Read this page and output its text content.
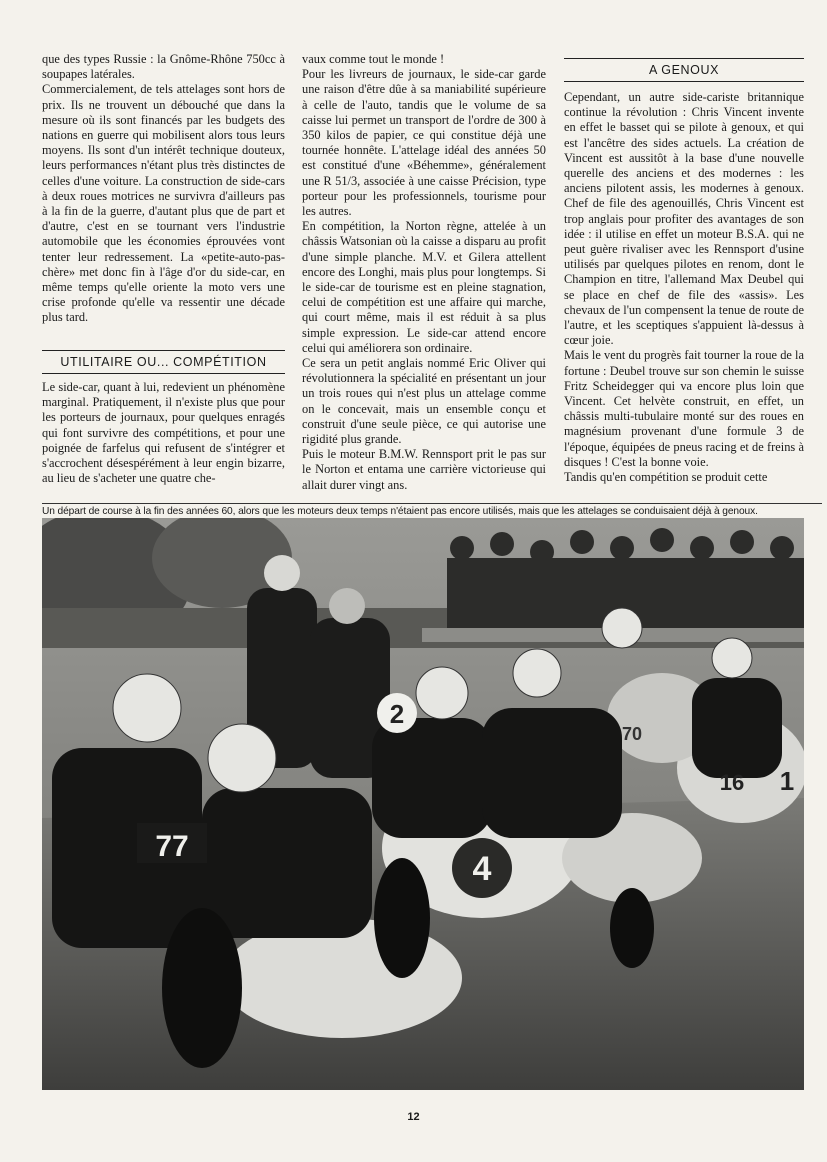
que des types Russie : la Gnôme-Rhône 750cc à soupapes latérales.

Commercialement, de tels attelages sont hors de prix. Ils ne trouvent un débouché que dans la mesure où ils sont financés par les budgets des nations en guerre qui mobilisent alors tous leurs moyens. Ils sont d'un intérêt technique douteux, leurs performances n'étant plus très distinctes de celles d'une voiture. La construction de side-cars à deux roues motrices ne survivra d'ailleurs pas à la fin de la guerre, d'autant plus que de part et d'autre, c'est en se tournant vers l'industrie automobile que les économies éprouvées vont tenter leur redressement. La «petite-auto-pas-chère» met donc fin à l'âge d'or du side-car, en même temps qu'elle oriente la moto vers une crise profonde qu'elle va ressentir une décade plus tard.

UTILITAIRE OU... COMPÉTITION

Le side-car, quant à lui, redevient un phénomène marginal. Pratiquement, il n'existe plus que pour les porteurs de journaux, pour quelques enragés qui font survivre des compétitions, et pour une poignée de farfelus qui refusent de s'intégrer et s'accrochent désespérément à leur engin bizarre, au lieu de s'acheter une quatre che-

vaux comme tout le monde !

Pour les livreurs de journaux, le side-car garde une raison d'être dûe à sa maniabilité supérieure à celle de l'auto, tandis que le volume de sa caisse lui permet un transport de l'ordre de 300 à 350 kilos de papier, ce qui constitue déjà une tournée honnête. L'attelage idéal des années 50 est constitué d'une «Béhemme», généralement une R 51/3, associée à une caisse Précision, type porteur pour les professionnels, tourisme pour les autres.

En compétition, la Norton règne, attelée à un châssis Watsonian où la caisse a disparu au profit d'une simple planche. M.V. et Gilera attellent encore des Longhi, mais plus pour longtemps. Si le side-car de tourisme est en pleine stagnation, celui de compétition est une affaire qui marche, qui court même, mais il est réduit à sa plus simple expression. Le side-car attend encore celui qui améliorera son ordinaire.

Ce sera un petit anglais nommé Eric Oliver qui révolutionnera la spécialité en présentant un jour un trois roues qui n'est plus un attelage comme on le concevait, mais un ensemble conçu et construit d'une seule pièce, ce qui autorise une rigidité plus grande.

Puis le moteur B.M.W. Rennsport prit le pas sur le Norton et entama une carrière victorieuse qui allait durer vingt ans.

A GENOUX

Cependant, un autre side-cariste britannique continue la révolution : Chris Vincent invente en effet le basset qui se pilote à genoux, et qui est l'ancêtre des sides actuels. La création de Vincent est aussitôt à la base d'une nouvelle querelle des anciens et des modernes : les anciens pilotent assis, les modernes à genoux. Chef de file des agenouillés, Chris Vincent est trop anglais pour profiter des avantages de son idée : il utilise en effet un moteur B.S.A. qui ne peut guère rivaliser avec les Rennsport d'usine utilisés par quelques pilotes en renom, dont le Champion en titre, l'allemand Max Deubel qui se place en chef de file des «assis». Les chevaux de l'un compensent la tenue de route de l'autre, et les sceptiques s'appuient là-dessus à cœur joie.

Mais le vent du progrès fait tourner la roue de la fortune : Deubel trouve sur son chemin le suisse Fritz Scheidegger qui va encore plus loin que Vincent. Cet helvète construit, en effet, un châssis multi-tubulaire monté sur des roues en magnésium provenant d'une formule 3 de l'époque, équipées de pneus racing et de freins à disques ! C'est la bonne voie.

Tandis qu'en compétition se produit cette

Un départ de course à la fin des années 60, alors que les moteurs deux temps n'étaient pas encore utilisés, mais que les attelages se conduisaient déjà à genoux.
4
77
2
16 1
70
12
